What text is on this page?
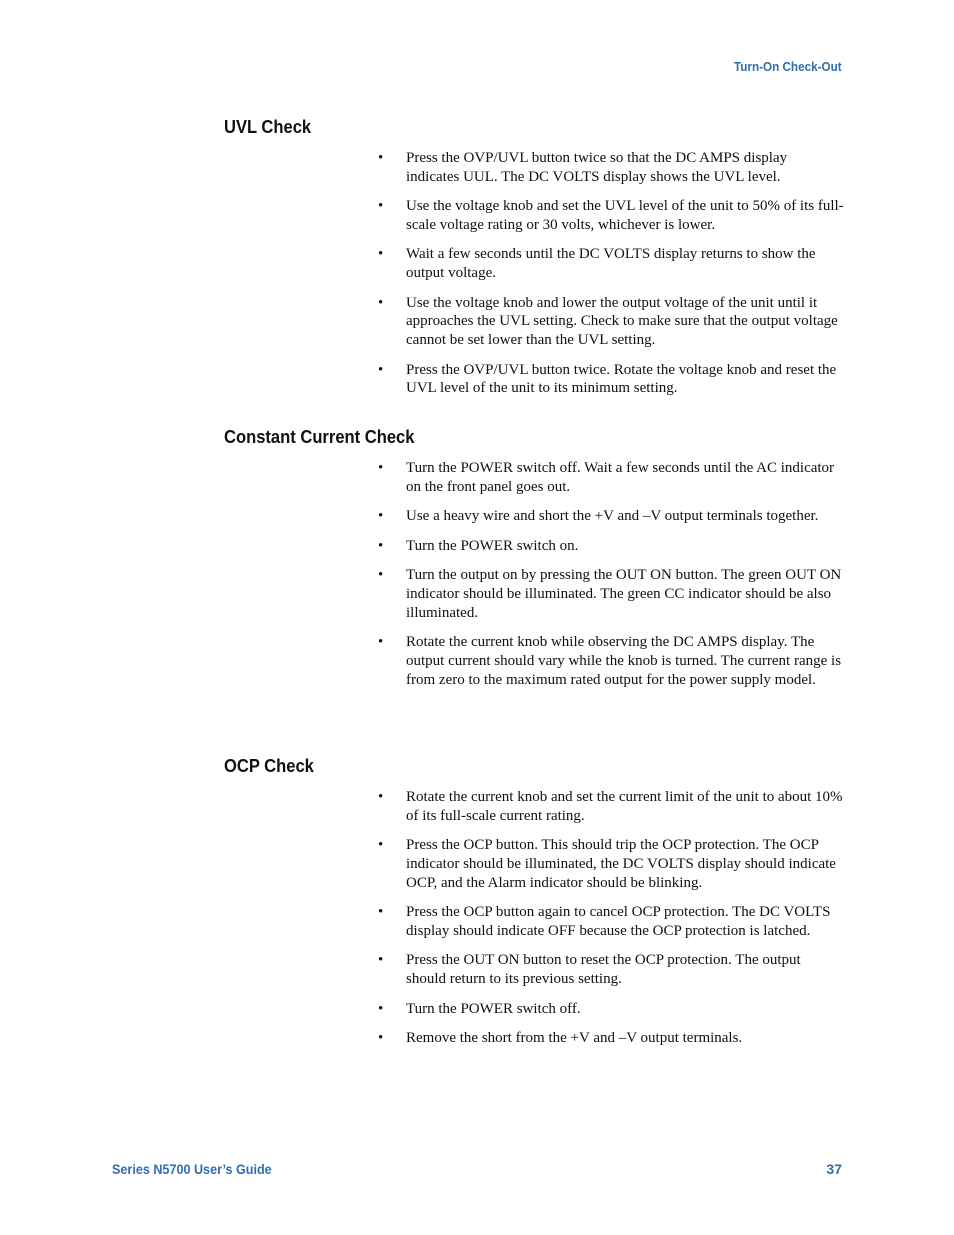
Turn-On Check-Out
UVL Check
• Press the OVP/UVL button twice so that the DC AMPS display indicates UUL. The DC VOLTS display shows the UVL level.
• Use the voltage knob and set the UVL level of the unit to 50% of its full-scale voltage rating or 30 volts, whichever is lower.
• Wait a few seconds until the DC VOLTS display returns to show the output voltage.
• Use the voltage knob and lower the output voltage of the unit until it approaches the UVL setting. Check to make sure that the output voltage cannot be set lower than the UVL setting.
• Press the OVP/UVL button twice. Rotate the voltage knob and reset the UVL level of the unit to its minimum setting.
Constant Current Check
• Turn the POWER switch off. Wait a few seconds until the AC indicator on the front panel goes out.
• Use a heavy wire and short the +V and –V output terminals together.
• Turn the POWER switch on.
• Turn the output on by pressing the OUT ON button. The green OUT ON indicator should be illuminated. The green CC indicator should be also illuminated.
• Rotate the current knob while observing the DC AMPS display. The output current should vary while the knob is turned. The current range is from zero to the maximum rated output for the power supply model.
OCP Check
• Rotate the current knob and set the current limit of the unit to about 10% of its full-scale current rating.
• Press the OCP button. This should trip the OCP protection. The OCP indicator should be illuminated, the DC VOLTS display should indicate OCP, and the Alarm indicator should be blinking.
• Press the OCP button again to cancel OCP protection. The DC VOLTS display should indicate OFF because the OCP protection is latched.
• Press the OUT ON button to reset the OCP protection. The output should return to its previous setting.
• Turn the POWER switch off.
• Remove the short from the +V and –V output terminals.
Series N5700 User’s Guide	37
